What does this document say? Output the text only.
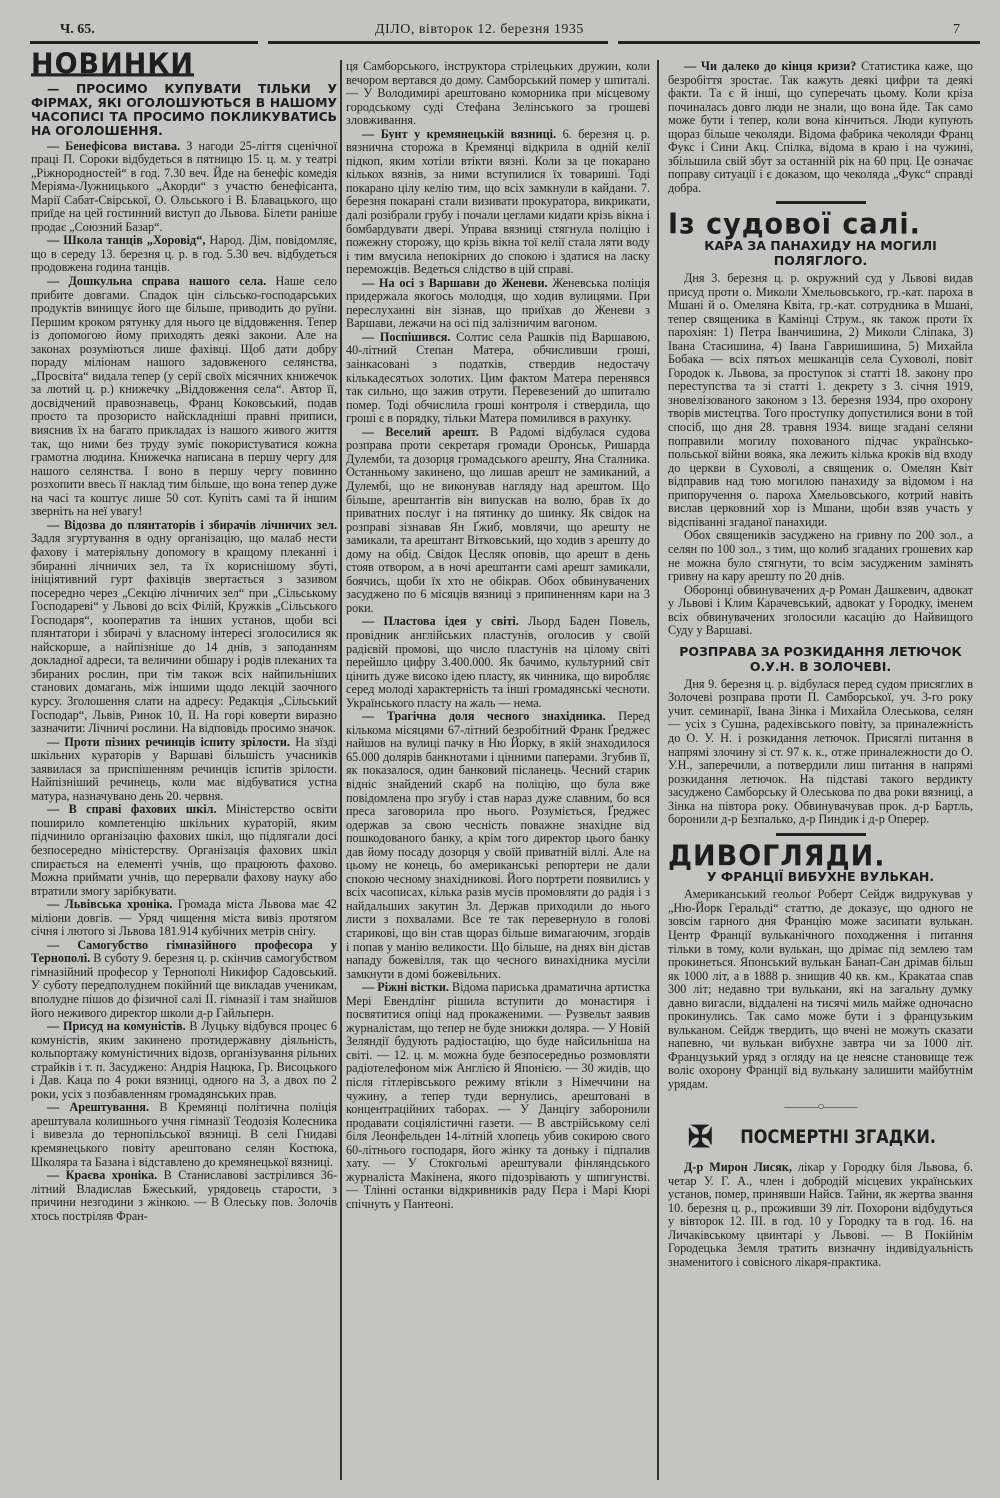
Ч. 65.	ДІЛО, вівторок 12. березня 1935	7
НОВИНКИ
— ПРОСИМО КУПУВАТИ ТІЛЬКИ У ФІРМАХ, ЯКІ ОГОЛОШУЮТЬСЯ В НАШОМУ ЧАСОПИСІ ТА ПРОСИМО ПОКЛИКУВАТИСЬ НА ОГОЛОШЕННЯ.

— Бенефісова вистава. З нагоди 25-ліття сценічної праці П. Сороки відбудеться в пятницю 15. ц. м. у театрі „Ріжнородностей“ в год. 7.30 веч. Йде на бенефіс комедія Меріяма-Лужницького „Акорди“ з участю бенефісанта, Марії Сабат-Свірської, О. Ольського і В. Блавацького, що приїде на цей гостинний виступ до Львова. Білети раніше продає „Союзний Базар“.

— Школа танців „Хоровід“, Народ. Дім, повідомляє, що в середу 13. березня ц. р. в год. 5.30 веч. відбудеться продовжена година танців.

— Дошкульна справа нашого села. Наше село прибите довгами. Спадок цін сільсько-господарських продуктів винищує його ще більше, приводить до руїни. Першим кроком рятунку для нього це віддовження. Тепер із допомогою йому приходять деякі закони. Але на законах розуміються лише фахівці. Щоб дати добру пораду міліонам нашого задовженого селянства, „Просвіта“ видала тепер (у серії своїх місячних книжечок за лютий ц. р.) книжечку „Віддовження села“. Автор її, досвідчений правознавець, Франц Коковський, подав просто та прозористо найскладніші правні приписи, вияснив їх на багато прикладах із нашого живого життя так, що ними без труду зуміє покористуватися кожна грамотна людина. Книжечка написана в першу чергу для нашого селянства. І воно в першу чергу повинно розхопити ввесь її наклад тим більше, що вона тепер дуже на часі та коштує лише 50 сот. Купіть самі та й іншим зверніть на неї увагу!

— Відозва до плянтаторів і збирачів лічничих зел. Задля згуртування в одну організацію, що малаб нести фахову і матеріяльну допомогу в кращому плеканні і збиранні лічничих зел, та їх кориснішому збуті, ініціятивний гурт фахівців звертається з зазивом посередно через „Секцію лічничих зел“ при „Сільському Господареві“ у Львові до всіх Філій, Кружків „Сільського Господаря“, кооператив та інших установ, щоби всі плянтатори і збирачі у власному інтересі зголосилися як найскорше, а найпізніше до 14 днів, з заподанням докладної адреси, та величини обшару і родів плеканих та збираних рослин, при тім також всіх найпильніших станових домагань, між іншими щодо лекцій заочного курсу. Зголошення слати на адресу: Редакція „Сільський Господар“, Львів, Ринок 10, II. На горі коверти виразно зазначити: Лічничі рослини. На відповідь просимо значок.

— Проти пізних речинців іспиту зрілости. На зїзді шкільних кураторів у Варшаві більшість учасників заявилася за приспішенням речинців іспитів зрілости. Найпізніший речинець, коли має відбуватися устна матура, назначувано день 20. червня.

— В справі фахових шкіл. Міністерство освіти поширило компетенцію шкільних кураторій, яким підчинило організацію фахових шкіл, що підлягали досі безпосередно міністерству. Організація фахових шкіл спирається на елементі учнів, що працюють фахово. Можна приймати учнів, що перервали фахову науку або втратили змогу зарібкувати.

— Львівська хроніка. Громада міста Львова має 42 міліони довгів. — Уряд чищення міста вивіз протягом січня і лютого зі Львова 181.914 кубічних метрів снігу.

— Самогубство гімназійного професора у Тернополі. В суботу 9. березня ц. р. скінчив самогубством гімназійний професор у Тернополі Никифор Садовський. У суботу передполуднем покійний ще викладав ученикам, вполудне пішов до фізичної салі II. гімназії і там знайшов його неживого директор школи д-р Гайльперн.

— Присуд на комуністів. В Луцьку відбувся процес 6 комуністів, яким закинено протидержавну діяльність, кольпортажу комуністичних відозв, організування рільних страйків і т. п. Засуджено: Андрія Нацюка, Гр. Висоцького і Дав. Каца по 4 роки вязниці, одного на 3, а двох по 2 роки, усіх з позбавленням громадянських прав.

— Арештування. В Кремянці політична поліція арештувала колишнього учня гімназії Теодозія Колесника і вивезла до тернопільської вязниці. В селі Гнидаві кремянецького повіту арештовано селян Костюка, Школяра та Базана і відставлено до кремянецької вязниці.

— Краєва хроніка. В Станиславові застрілився 36-літний Владислав Бжеський, урядовець старости, з причини незгодини з жінкою. — В Олеську пов. Золочів хтось постріляв Фран-

ця Самборського, інструктора стрілецьких дружин, коли вечором вертався до дому. Самборський помер у шпиталі. — У Володимирі арештовано коморника при місцевому городському суді Стефана Зелінського за грошеві зловживання.

— Бунт у кремянецькій вязниці. 6. березня ц. р. вязнична сторожа в Кремянці відкрила в одній келії підкоп, яким хотіли втікти вязні. Коли за це покарано кількох вязнів, за ними вступилися їх товариші. Тоді покарано цілу келію тим, що всіх замкнули в кайдани. 7. березня покарані стали визивати прокуратора, викрикати, далі розібрали грубу і почали цеглами кидати крізь вікна і бомбардувати двері. Управа вязниці стягнула поліцію і пожежну сторожу, що крізь вікна тої келії стала ляти воду і тим вмусила непокірних до спокою і здатися на ласку переможців. Ведеться слідство в цій справі.

— На осі з Варшави до Женеви. Женевська поліція придержала якогось молодця, що ходив вулицями. При переслуханні він зізнав, що приїхав до Женеви з Варшави, лежачи на осі під залізничим вагоном.

— Поспішився. Солтис села Рашків під Варшавою, 40-літний Степан Матера, обчисливши гроші, заінкасовані з податків, ствердив недостачу кількадесятьох золотих. Цим фактом Матера перенявся так сильно, що зажив отрути. Перевезений до шпиталю помер. Тоді обчислила гроші контроля і ствердила, що гроші є в порядку, тільки Матера помилився в рахунку.

— Веселий арешт. В Радомі відбулася судова розправа проти секретаря громади Оронськ, Ришарда Дулемби, та дозорця громадського арешту, Яна Сталника. Останньому закинено, що лишав арешт не замиканий, а Дулембі, що не виконував нагляду над арештом. Що більше, арештантів він випускав на волю, брав їх до приватних послуг і на пятинку до шинку. Як свідок на розправі зізнавав Ян Ґжиб, мовлячи, що арешту не замикали, та арештант Вітковський, що ходив з арешту до дому на обід. Свідок Цесляк оповів, що арешт в день стояв отвором, а в ночі арештанти самі арешт замикали, боячись, щоби їх хто не обікрав. Обох обвинувачених засуджено по 6 місяців вязниці з припиненням кари на 3 роки.

— Пластова ідея у світі. Льорд Баден Повель, провідник англійських пластунів, оголосив у своїй радієвій промові, що число пластунів на цілому світі перейшло цифру 3.400.000. Як бачимо, культурний світ цінить дуже високо ідею пласту, як чинника, що виробляє серед молоді характерність та інші громадянські чесноти. Українського пласту на жаль — нема.

— Трагічна доля чесного знахідника. Перед кількома місяцями 67-літний безробітний Франк Ґреджес найшов на вулиці пачку в Ню Йорку, в якій знаходилося 65.000 долярів банкнотами і цінними паперами. Згубив її, як показалося, один банковий післанець. Чесний старик відніс знайдений скарб на поліцію, що була вже повідомлена про згубу і став нараз дуже славним, бо вся преса заговорила про нього. Розуміється, Ґреджес одержав за свою чесність поважне знахідне від пошкодованого банку, а крім того директор цього банку дав йому посаду дозорця у своїй приватній віллі. Але на цьому не конець, бо американські репортери не дали спокою чесному знахідникові. Його портрети появились у всіх часописах, кілька разів мусів промовляти до радія і з найдальших закутин Зл. Держав приходили до нього листи з похвалами. Все те так перевернуло в голові старикові, що він став щораз більше вимагаючим, згордів і попав у манію великости. Що більше, на днях він дістав нападу божевілля, так що чесного винахідника мусіли замкнути в домі божевільних.

— Ріжні вістки. Відома париська драматична артистка Мері Евендлінг рішила вступити до монастиря і посвятитися опіці над прокаженими. — Рузвельт заявив журналістам, що тепер не буде знижки доляра. — У Новій Зеляндії будують радіостацію, що буде найсильніша на світі. — 12. ц. м. можна буде безпосередньо розмовляти радіотелефоном між Англією й Японією. — 30 жидів, що після гітлерівського режиму втікли з Німеччини на чужину, а тепер туди вернулись, арештовані в концентраційних таборах. — У Данцігу заборонили продавати соціялістичні газети. — В австрійському селі біля Леонфельден 14-літній хлопець убив сокирою свого 60-літнього господаря, його жінку та доньку і підпалив хату. — У Стокгольмі арештували фінляндського журналіста Макінена, якого підозрівають у шпигунстві. — Тлінні останки відкривників раду Пєра і Марі Кюрі спічнуть у Пантеоні.

— Чи далеко до кінця кризи? Статистика каже, що безробіття зростає. Так кажуть деякі цифри та деякі факти. Та є й інші, що суперечать цьому. Коли кріза починалась довго люди не знали, що вона йде. Так само може бути і тепер, коли вона кінчиться. Люди купують щораз більше чеколяди. Відома фабрика чеколяди Франц Фукс і Сини Акц. Спілка, відома в краю і на чужині, збільшила свій збут за останній рік на 60 прц. Це означає поправу ситуації і є доказом, що чеколяда „Фукс“ справді добра.

Із судової салі.
КАРА ЗА ПАНАХИДУ НА МОГИЛІ ПОЛЯГЛОГО.

Дня 3. березня ц. р. окружний суд у Львові видав присуд проти о. Миколи Хмельовського, гр.-кат. пароха в Мшані й о. Омеляна Квіта, гр.-кат. сотрудника в Мшані, тепер священика в Камінці Струм., як також проти їх парохіян: 1) Петра Іванчишина, 2) Миколи Сліпака, 3) Івана Стасишина, 4) Івана Гавришишина, 5) Михайла Бобака — всіх пятьох мешканців села Суховолі, повіт Городок к. Львова, за проступок зі статті 18. закону про переступства та зі статті 1. декрету з 3. січня 1919, зновелізованого законом з 13. березня 1934, про охорону творів мистецтва. Того проступку допустилися вони в той спосіб, що дня 28. травня 1934. вище згадані селяни поправили могилу похованого підчас українсько-польської війни вояка, яка лежить кілька кроків від входу до церкви в Суховолі, а священик о. Омелян Квіт відправив над тою могилою панахиду за відомом і на припоручення о. пароха Хмельовського, котрий навіть вислав церковний хор із Мшани, щоби взяв участь у відспіванні згаданої панахиди.

Обох священиків засуджено на гривну по 200 зол., а селян по 100 зол., з тим, що колиб згаданих грошевих кар не можна було стягнути, то всім засудженим замінять гривну на кару арешту по 20 днів.

Оборонці обвинувачених д-р Роман Дашкевич, адвокат у Львові і Клим Карачевський, адвокат у Городку, іменем всіх обвинувачених зголосили касацію до Найвищого Суду у Варшаві.

РОЗПРАВА ЗА РОЗКИДАННЯ ЛЕТЮЧОК О.У.Н. В ЗОЛОЧЕВІ.

Дня 9. березня ц. р. відбулася перед судом присяглих в Золочеві розправа проти П. Самборської, уч. 3-го року учит. семинарії, Івана Зінка і Михайла Олеськова, селян — усіх з Сушна, радехівського повіту, за приналежність до О. У. Н. і розкидання летючок. Присяглі питання в напрямі злочину зі ст. 97 к. к., отже приналежности до О. У.Н., заперечили, а потвердили лиш питання в напрямі розкидання летючок. На підставі такого вердикту засуджено Самборську й Олеськова по два роки вязниці, а Зінка на півтора року. Обвинувачував прок. д-р Бартль, боронили д-р Безпалько, д-р Пиндик і д-р Оперер.

ДИВОГЛЯДИ.
У ФРАНЦІЇ ВИБУХНЕ ВУЛЬКАН.

Американський геольоґ Роберт Сейдж видрукував у „Ню-Йорк Геральді“ статтю, де доказує, що одного не зовсім гарного дня Францію може засипати вулькан. Центр Франції вульканічного походження і питання тільки в тому, коли вулькан, що дрімає під землею там прокинеться. Японський вулькан Банап-Сан дрімав більш як 1000 літ, а в 1888 р. знищив 40 кв. км., Кракатаа спав 300 літ; недавно три вулькани, які на загальну думку давно вигасли, віддалені на тисячі миль майже одночасно прокинулись. Так само може бути і з французьким вульканом. Сейдж твердить, що вчені не можуть сказати напевно, чи вулькан вибухне завтра чи за 1000 літ. Французький уряд з огляду на це неясне становище теж воліє охорону Франції від вулькану залишити майбутнім урядам.

———○———
✠ ПОСМЕРТНІ ЗГАДКИ.

Д-р Мирон Лисяк, лікар у Городку біля Львова, б. четар У. Г. А., член і добродій місцевих українських установ, помер, принявши Найсв. Тайни, як жертва звання 10. березня ц. р., проживши 39 літ. Похорони відбудуться у вівторок 12. III. в год. 10 у Городку та в год. 16. на Личаківському цвинтарі у Львові. — В Покійнім Городецька Земля тратить визначну індивідуальність знаменитого і совісного лікаря-практика.
